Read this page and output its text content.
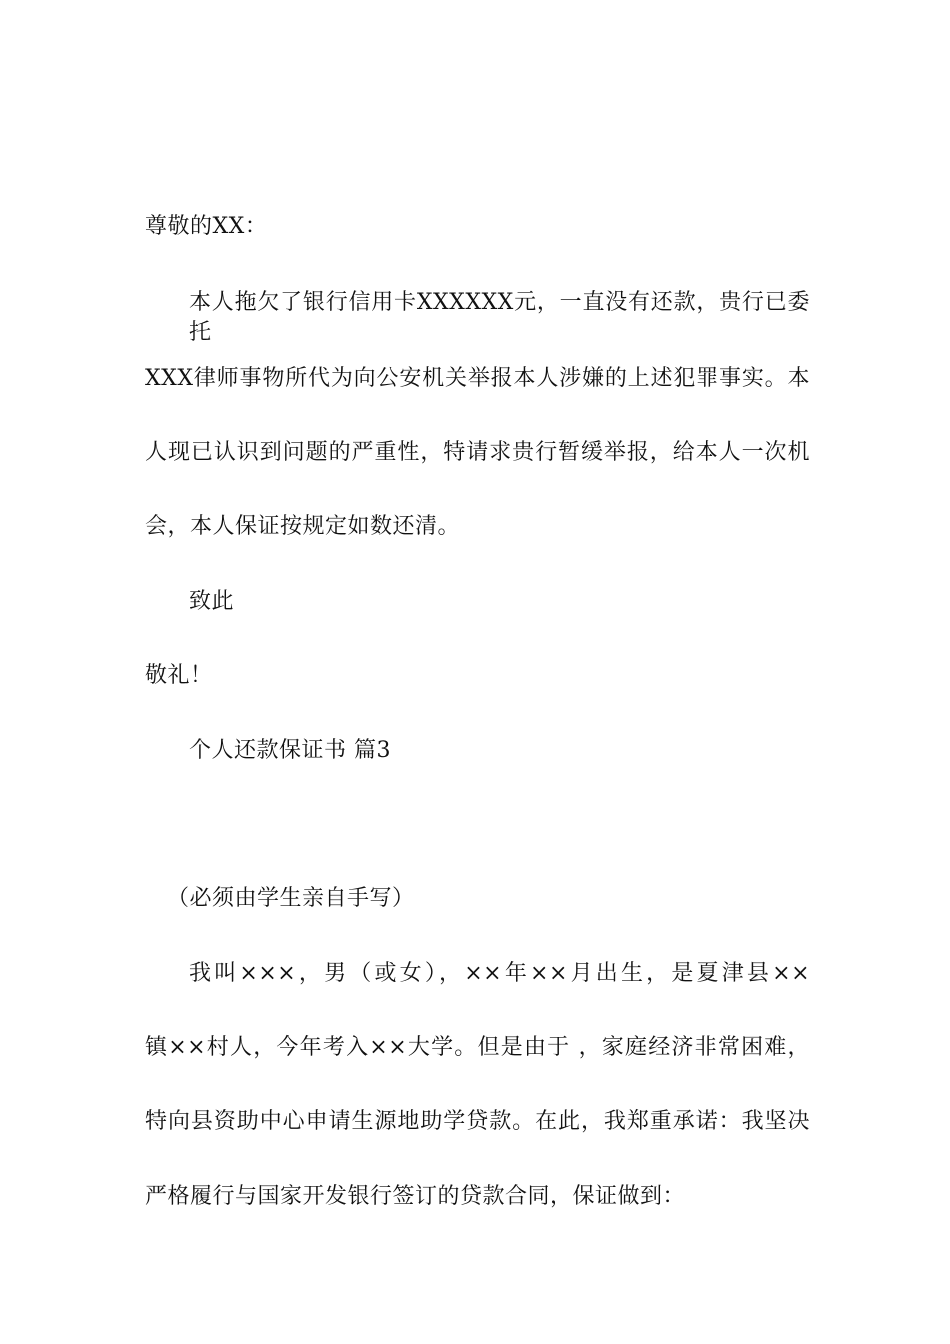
尊敬的XX：
本人拖欠了银行信用卡XXXXXX元，一直没有还款，贵行已委托
XXX律师事物所代为向公安机关举报本人涉嫌的上述犯罪事实。本
人现已认识到问题的严重性，特请求贵行暂缓举报，给本人一次机
会，本人保证按规定如数还清。
致此
敬礼！
个人还款保证书 篇3
（必须由学生亲自手写）
我叫×××，男（或女），××年××月出生，是夏津县××
镇××村人，今年考入××大学。但是由于 ，家庭经济非常困难，
特向县资助中心申请生源地助学贷款。在此，我郑重承诺：我坚决
严格履行与国家开发银行签订的贷款合同，保证做到：
